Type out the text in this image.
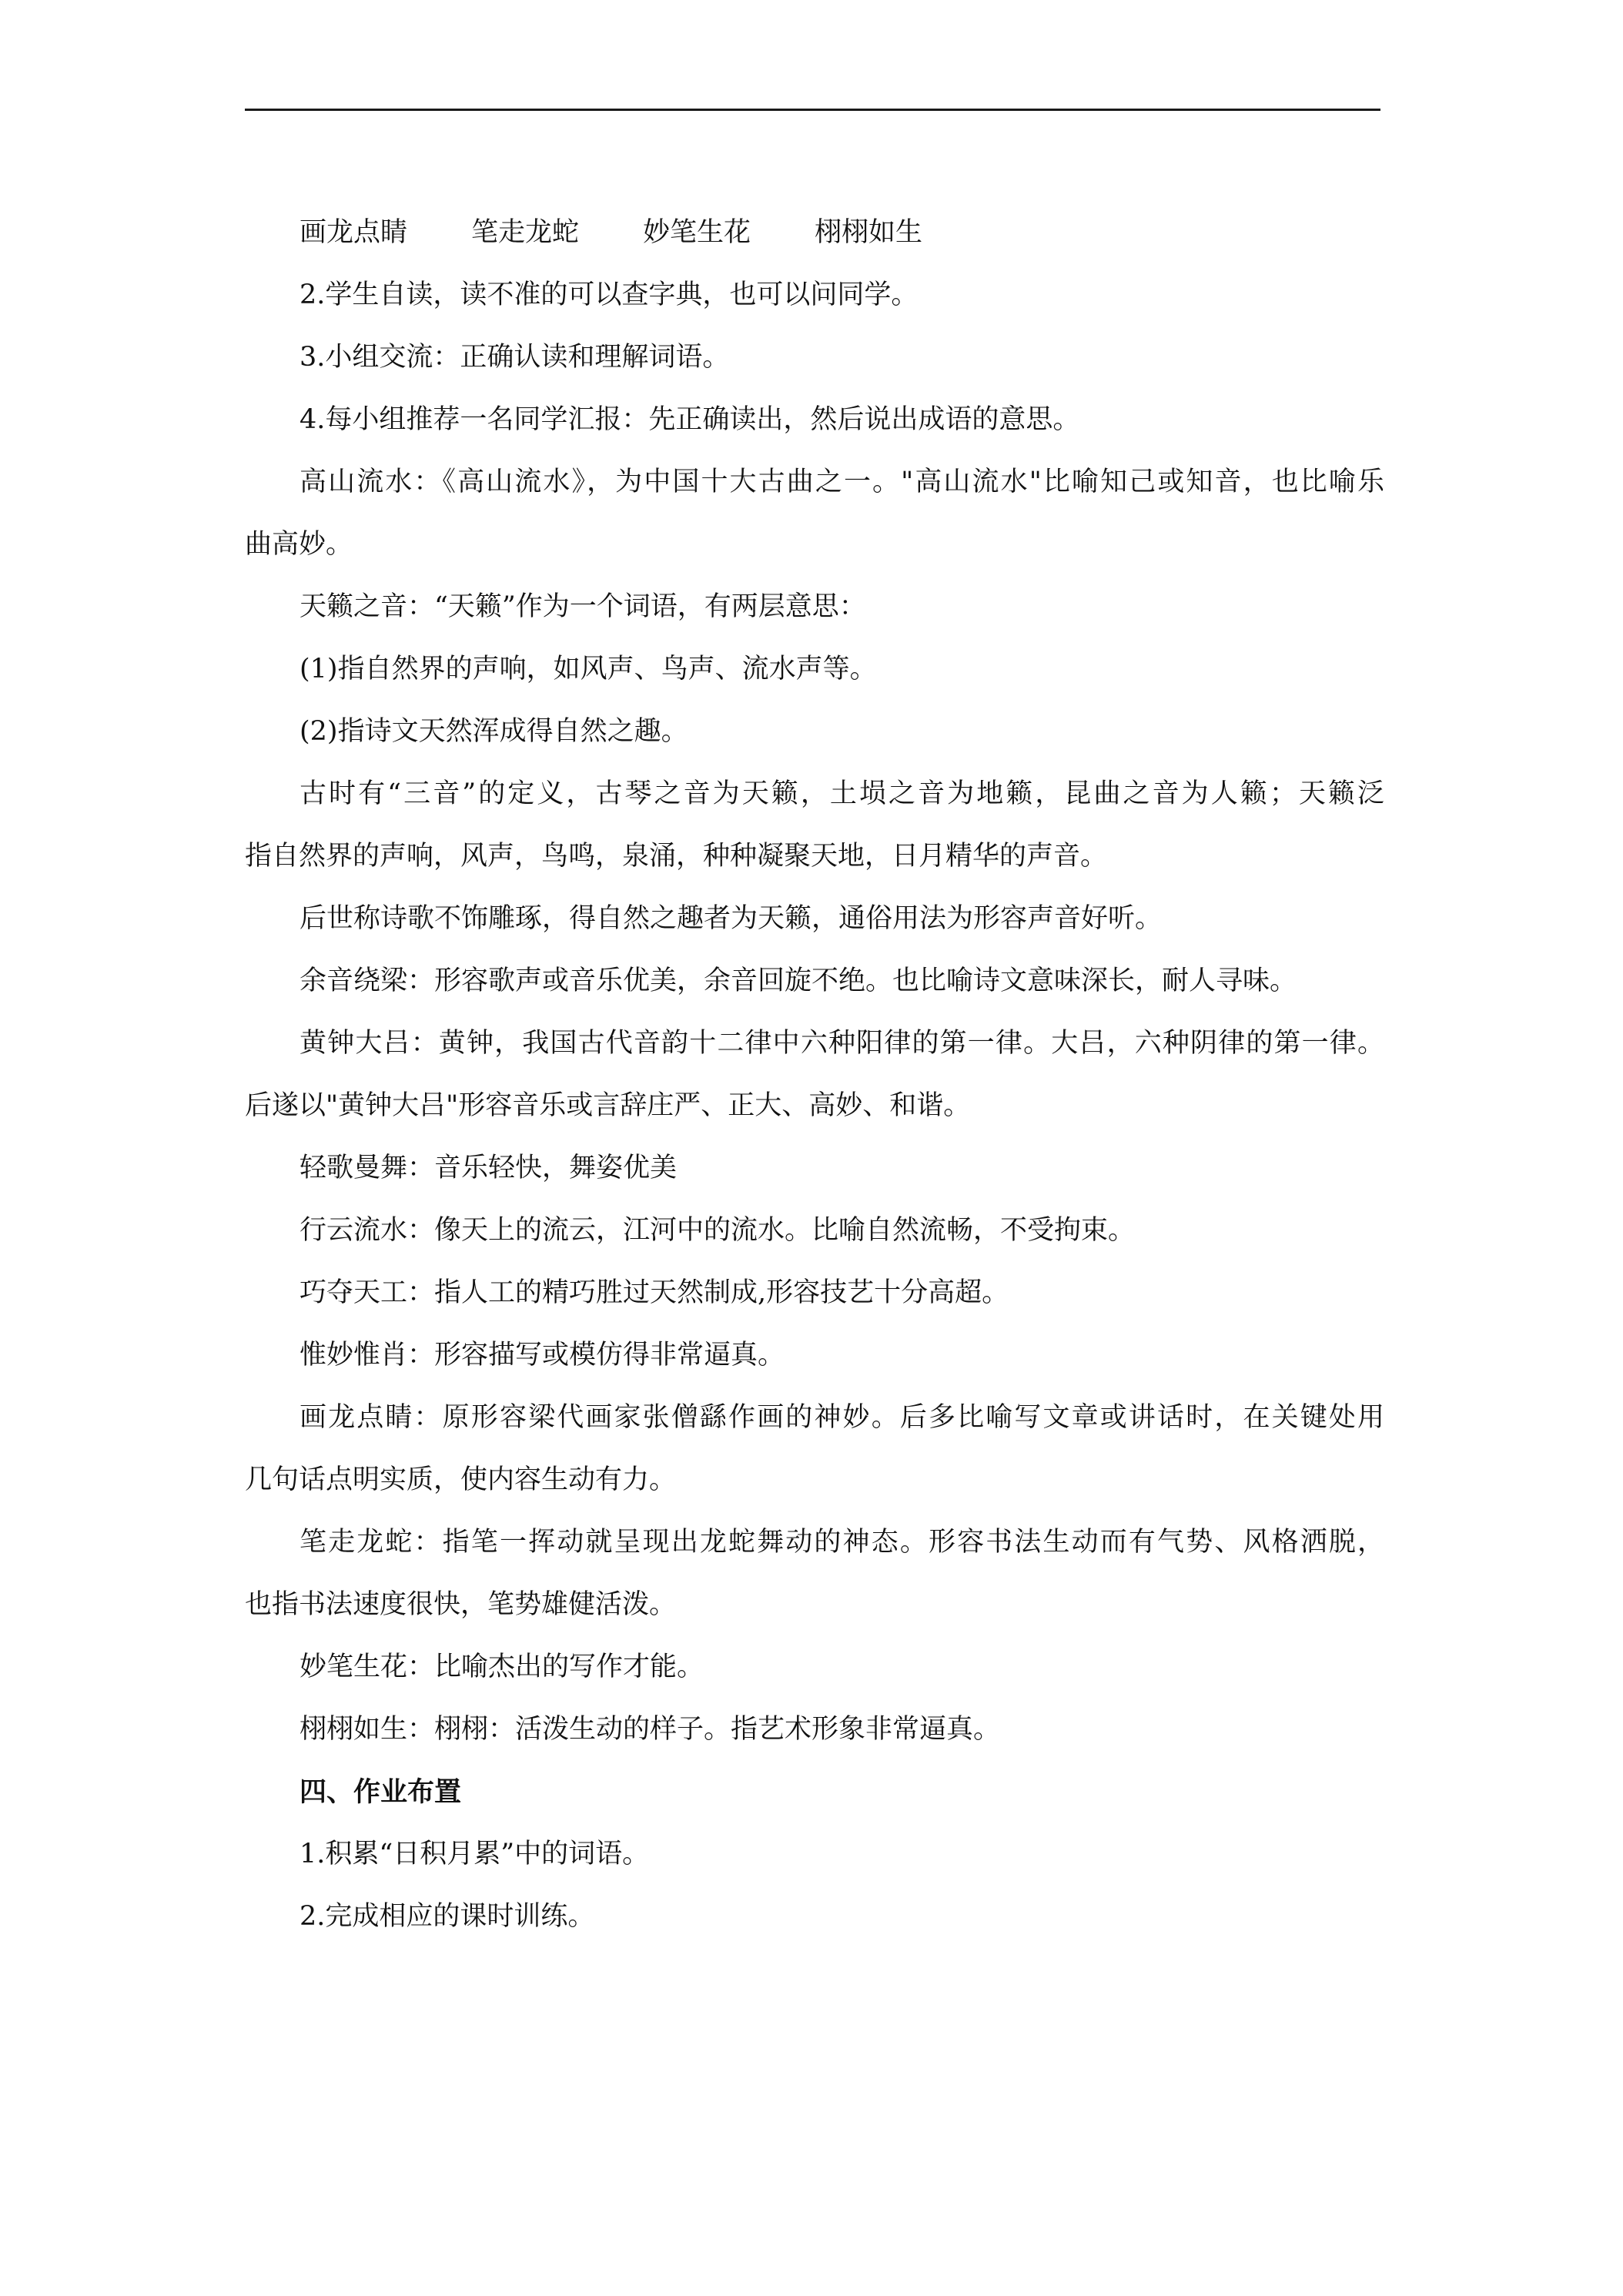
画龙点睛	笔走龙蛇	妙笔生花	栩栩如生
2.学生自读，读不准的可以查字典，也可以问同学。
3.小组交流：正确认读和理解词语。
4.每小组推荐一名同学汇报：先正确读出，然后说出成语的意思。
高山流水：《高山流水》，为中国十大古曲之一。"高山流水"比喻知己或知音，也比喻乐
曲高妙。
天籁之音：“天籁”作为一个词语，有两层意思：
(1)指自然界的声响，如风声、鸟声、流水声等。
(2)指诗文天然浑成得自然之趣。
古时有“三音”的定义，古琴之音为天籁，土埙之音为地籁，昆曲之音为人籁；天籁泛
指自然界的声响，风声，鸟鸣，泉涌，种种凝聚天地，日月精华的声音。
后世称诗歌不饰雕琢，得自然之趣者为天籁，通俗用法为形容声音好听。
余音绕梁：形容歌声或音乐优美，余音回旋不绝。也比喻诗文意味深长，耐人寻味。
黄钟大吕：黄钟，我国古代音韵十二律中六种阳律的第一律。大吕，六种阴律的第一律。
后遂以"黄钟大吕"形容音乐或言辞庄严、正大、高妙、和谐。
轻歌曼舞：音乐轻快，舞姿优美
行云流水：像天上的流云，江河中的流水。比喻自然流畅，不受拘束。
巧夺天工：指人工的精巧胜过天然制成,形容技艺十分高超。
惟妙惟肖：形容描写或模仿得非常逼真。
画龙点睛：原形容梁代画家张僧繇作画的神妙。后多比喻写文章或讲话时，在关键处用
几句话点明实质，使内容生动有力。
笔走龙蛇：指笔一挥动就呈现出龙蛇舞动的神态。形容书法生动而有气势、风格洒脱，
也指书法速度很快，笔势雄健活泼。
妙笔生花：比喻杰出的写作才能。
栩栩如生：栩栩：活泼生动的样子。指艺术形象非常逼真。
四、作业布置
1.积累“日积月累”中的词语。
2.完成相应的课时训练。
